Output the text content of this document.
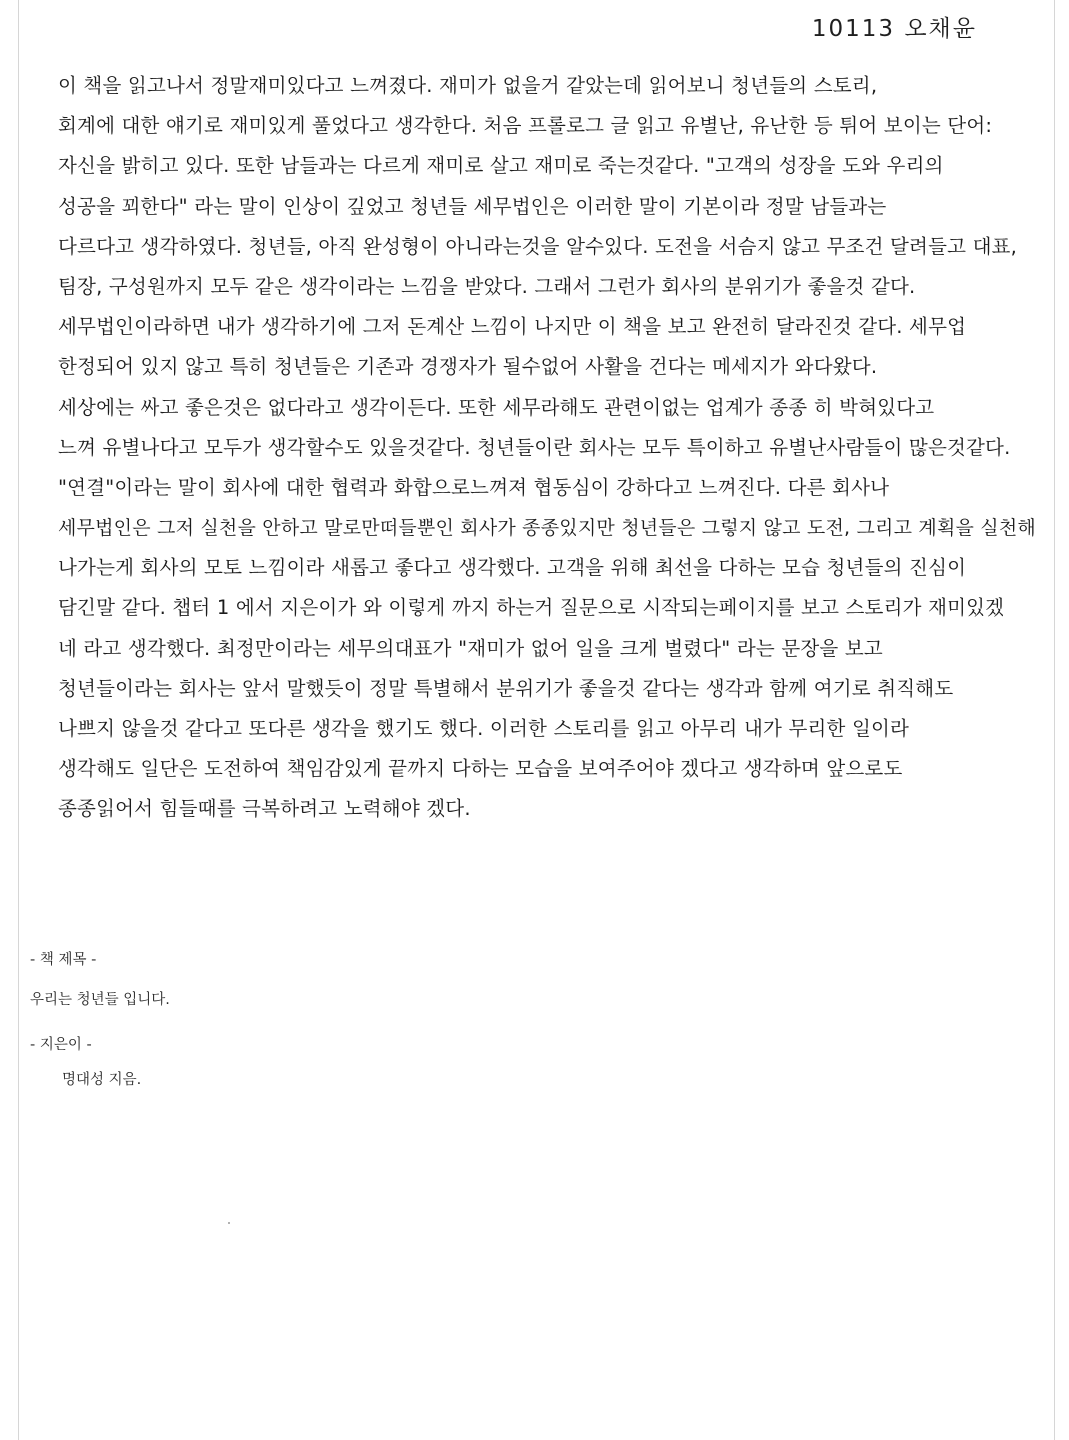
10113 오채윤
이 책을 읽고나서 정말재미있다고 느껴졌다. 재미가 없을거 같았는데 읽어보니 청년들의 스토리,
회계에 대한 얘기로 재미있게 풀었다고 생각한다. 처음 프롤로그 글 읽고 유별난, 유난한 등 튀어 보이는 단어:
자신을 밝히고 있다. 또한 남들과는 다르게 재미로 살고 재미로 죽는것같다. "고객의 성장을 도와 우리의
성공을 꾀한다" 라는 말이 인상이 깊었고 청년들 세무법인은 이러한 말이 기본이라 정말 남들과는
다르다고 생각하였다. 청년들, 아직 완성형이 아니라는것을 알수있다. 도전을 서슴지 않고 무조건 달려들고 대표,
팀장, 구성원까지 모두 같은 생각이라는 느낌을 받았다. 그래서 그런가 회사의 분위기가 좋을것 같다.
세무법인이라하면 내가 생각하기에 그저 돈계산 느낌이 나지만 이 책을 보고 완전히 달라진것 같다. 세무업
한정되어 있지 않고 특히 청년들은 기존과 경쟁자가 될수없어 사활을 건다는 메세지가 와다왔다.
세상에는 싸고 좋은것은 없다라고 생각이든다. 또한 세무라해도 관련이없는 업계가 종종 히 박혀있다고
느껴 유별나다고 모두가 생각할수도 있을것같다. 청년들이란 회사는 모두 특이하고 유별난사람들이 많은것같다.
"연결"이라는 말이 회사에 대한 협력과 화합으로느껴져 협동심이 강하다고 느껴진다. 다른 회사나
세무법인은 그저 실천을 안하고 말로만떠들뿐인 회사가 종종있지만 청년들은 그렇지 않고 도전, 그리고 계획을 실천해
나가는게 회사의 모토 느낌이라 새롭고 좋다고 생각했다. 고객을 위해 최선을 다하는 모습 청년들의 진심이
담긴말 같다. 챕터 1 에서 지은이가 와 이렇게 까지 하는거 질문으로 시작되는페이지를 보고 스토리가 재미있겠
네 라고 생각했다. 최정만이라는 세무의대표가 "재미가 없어 일을 크게 벌렸다" 라는 문장을 보고
청년들이라는 회사는 앞서 말했듯이 정말 특별해서 분위기가 좋을것 같다는 생각과 함께 여기로 취직해도
나쁘지 않을것 같다고 또다른 생각을 했기도 했다. 이러한 스토리를 읽고 아무리 내가 무리한 일이라
생각해도 일단은 도전하여 책임감있게 끝까지 다하는 모습을 보여주어야 겠다고 생각하며 앞으로도
종종읽어서 힘들때를 극복하려고 노력해야 겠다.
- 책 제목 -
우리는 청년들 입니다.
- 지은이 -
명대성 지음.
